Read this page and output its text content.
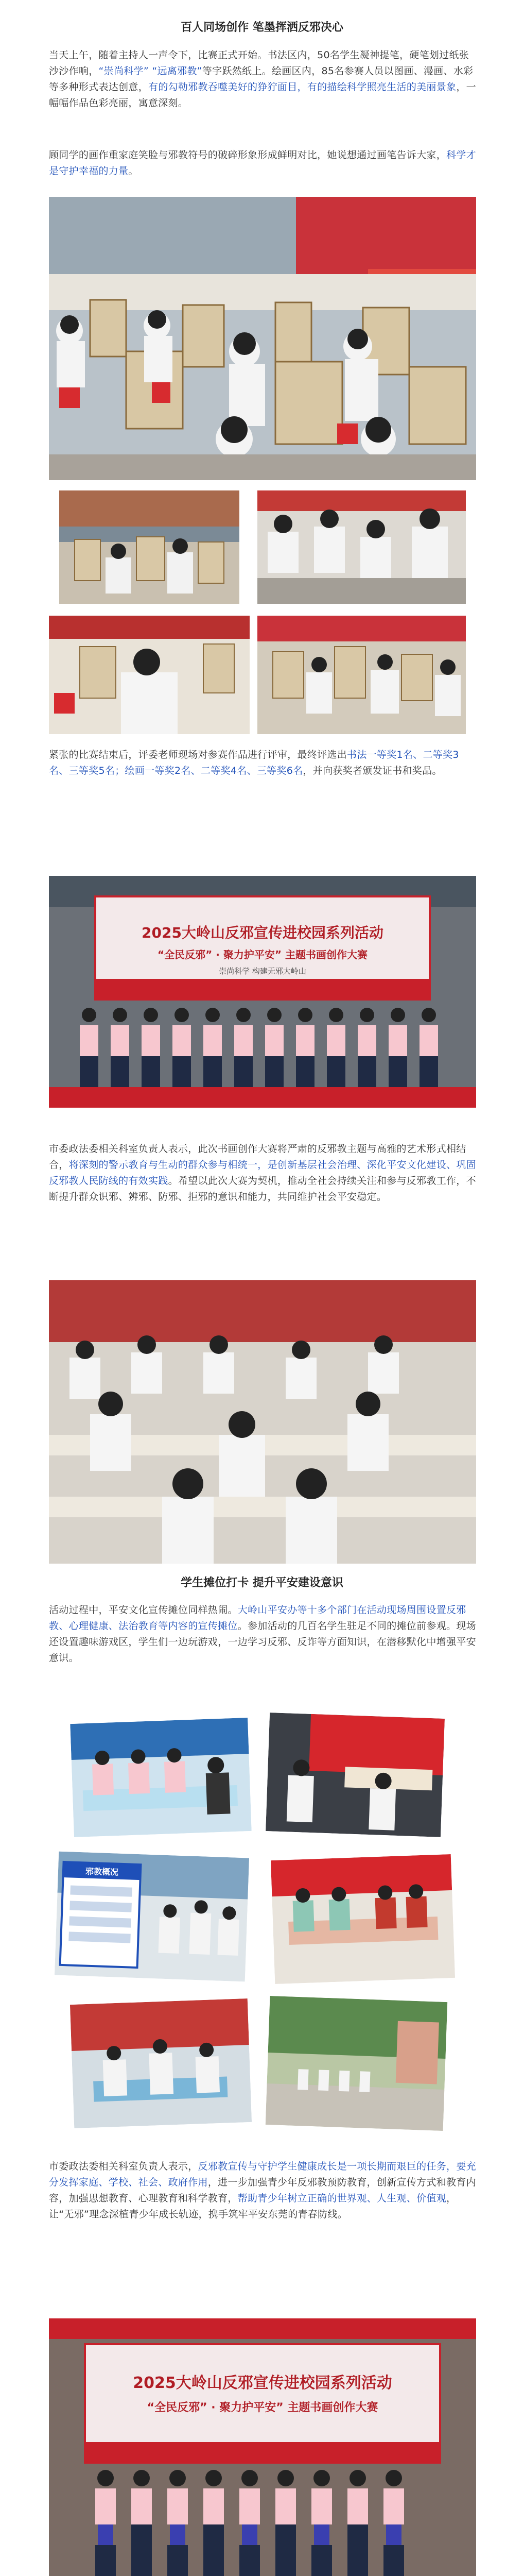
百人同场创作 笔墨挥洒反邪决心
当天上午，随着主持人一声令下，比赛正式开始。书法区内，50名学生凝神提笔，硬笔划过纸张沙沙作响，“崇尚科学” “远离邪教”等字跃然纸上。绘画区内，85名参赛人员以图画、漫画、水彩等多种形式表达创意，有的勾勒邪教吞噬美好的狰狞面目，有的描绘科学照亮生活的美丽景象，一幅幅作品色彩亮丽，寓意深刻。
顾同学的画作重家庭笑脸与邪教符号的破碎形象形成鲜明对比，她说想通过画笔告诉大家，科学才是守护幸福的力量。
紧张的比赛结束后，评委老师现场对参赛作品进行评审，最终评选出书法一等奖1名、二等奖3名、三等奖5名；绘画一等奖2名、二等奖4名、三等奖6名，并向获奖者颁发证书和奖品。
2025大岭山反邪宣传进校园系列活动
“全民反邪” · 聚力护平安” 主题书画创作大赛
崇尚科学 构建无邪大岭山
市委政法委相关科室负责人表示，此次书画创作大赛将严肃的反邪教主题与高雅的艺术形式相结合，将深刻的警示教育与生动的群众参与相统一，是创新基层社会治理、深化平安文化建设、巩固反邪教人民防线的有效实践。希望以此次大赛为契机，推动全社会持续关注和参与反邪教工作，不断提升群众识邪、辨邪、防邪、拒邪的意识和能力，共同维护社会平安稳定。
学生摊位打卡 提升平安建设意识
活动过程中，平安文化宣传摊位同样热闹。大岭山平安办等十多个部门在活动现场周围设置反邪教、心理健康、法治教育等内容的宣传摊位。参加活动的几百名学生驻足不同的摊位前参观。现场还设置趣味游戏区，学生们一边玩游戏，一边学习反邪、反诈等方面知识，在潜移默化中增强平安意识。
邪教概况
市委政法委相关科室负责人表示，反邪教宣传与守护学生健康成长是一项长期而艰巨的任务，要充分发挥家庭、学校、社会、政府作用，进一步加强青少年反邪教预防教育，创新宣传方式和教育内容，加强思想教育、心理教育和科学教育，帮助青少年树立正确的世界观、人生观、价值观，让“无邪”理念深植青少年成长轨迹，携手筑牢平安东莞的青春防线。
2025大岭山反邪宣传进校园系列活动
“全民反邪” · 聚力护平安” 主题书画创作大赛
